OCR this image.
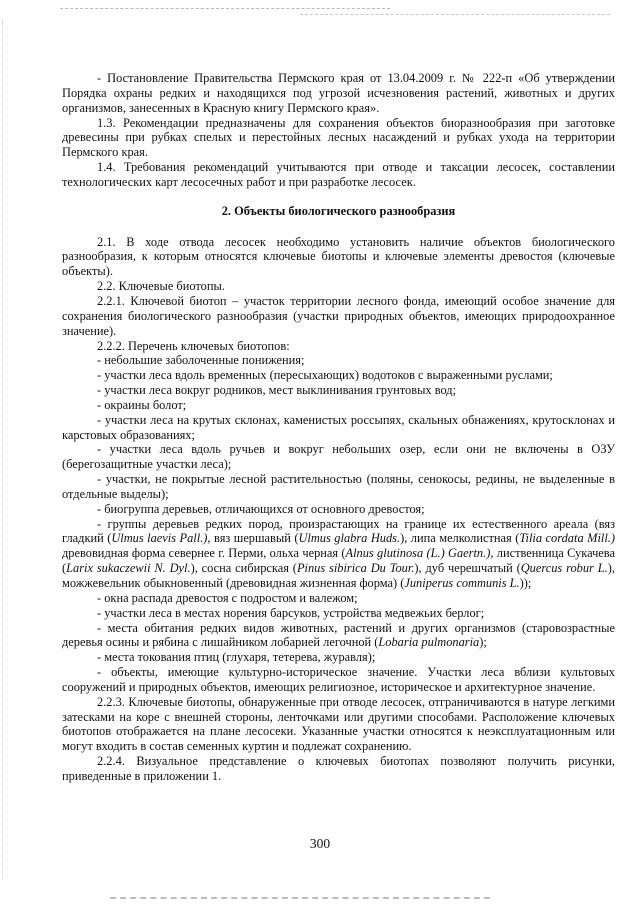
- Постановление Правительства Пермского края от 13.04.2009 г. № 222-п «Об утверждении Порядка охраны редких и находящихся под угрозой исчезновения растений, животных и других организмов, занесенных в Красную книгу Пермского края».

1.3. Рекомендации предназначены для сохранения объектов биоразнообразия при заготовке древесины при рубках спелых и перестойных лесных насаждений и рубках ухода на территории Пермского края.

1.4. Требования рекомендаций учитываются при отводе и таксации лесосек, составлении технологических карт лесосечных работ и при разработке лесосек.

2. Объекты биологического разнообразия

2.1. В ходе отвода лесосек необходимо установить наличие объектов биологического разнообразия, к которым относятся ключевые биотопы и ключевые элементы древостоя (ключевые объекты).

2.2. Ключевые биотопы.

2.2.1. Ключевой биотоп – участок территории лесного фонда, имеющий особое значение для сохранения биологического разнообразия (участки природных объектов, имеющих природоохранное значение).

2.2.2. Перечень ключевых биотопов:

- небольшие заболоченные понижения;

- участки леса вдоль временных (пересыхающих) водотоков с выраженными руслами;

- участки леса вокруг родников, мест выклинивания грунтовых вод;

- окраины болот;

- участки леса на крутых склонах, каменистых россыпях, скальных обнажениях, крутосклонах и карстовых образованиях;

- участки леса вдоль ручьев и вокруг небольших озер, если они не включены в ОЗУ (берегозащитные участки леса);

- участки, не покрытые лесной растительностью (поляны, сенокосы, редины, не выделенные в отдельные выделы);

- биогруппа деревьев, отличающихся от основного древостоя;

- группы деревьев редких пород, произрастающих на границе их естественного ареала (вяз гладкий (Ulmus laevis Pall.), вяз шершавый (Ulmus glabra Huds.), липа мелколистная (Tilia cordata Mill.) древовидная форма севернее г. Перми, ольха черная (Alnus glutinosa (L.) Gaertn.), лиственница Сукачева (Larix sukaczewii N. Dyl.), сосна сибирская (Pinus sibirica Du Tour.), дуб черешчатый (Quercus robur L.), можжевельник обыкновенный (древовидная жизненная форма) (Juniperus communis L.));

- окна распада древостоя с подростом и валежом;

- участки леса в местах норения барсуков, устройства медвежьих берлог;

- места обитания редких видов животных, растений и других организмов (старовозрастные деревья осины и рябина с лишайником лобарией легочной (Lobaria pulmonaria);

- места токования птиц (глухаря, тетерева, журавля);

- объекты, имеющие культурно-историческое значение. Участки леса вблизи культовых сооружений и природных объектов, имеющих религиозное, историческое и архитектурное значение.

2.2.3. Ключевые биотопы, обнаруженные при отводе лесосек, отграничиваются в натуре легкими затесками на коре с внешней стороны, ленточками или другими способами. Расположение ключевых биотопов отображается на плане лесосеки. Указанные участки относятся к неэксплуатационным или могут входить в состав семенных куртин и подлежат сохранению.

2.2.4. Визуальное представление о ключевых биотопах позволяют получить рисунки, приведенные в приложении 1.

300
